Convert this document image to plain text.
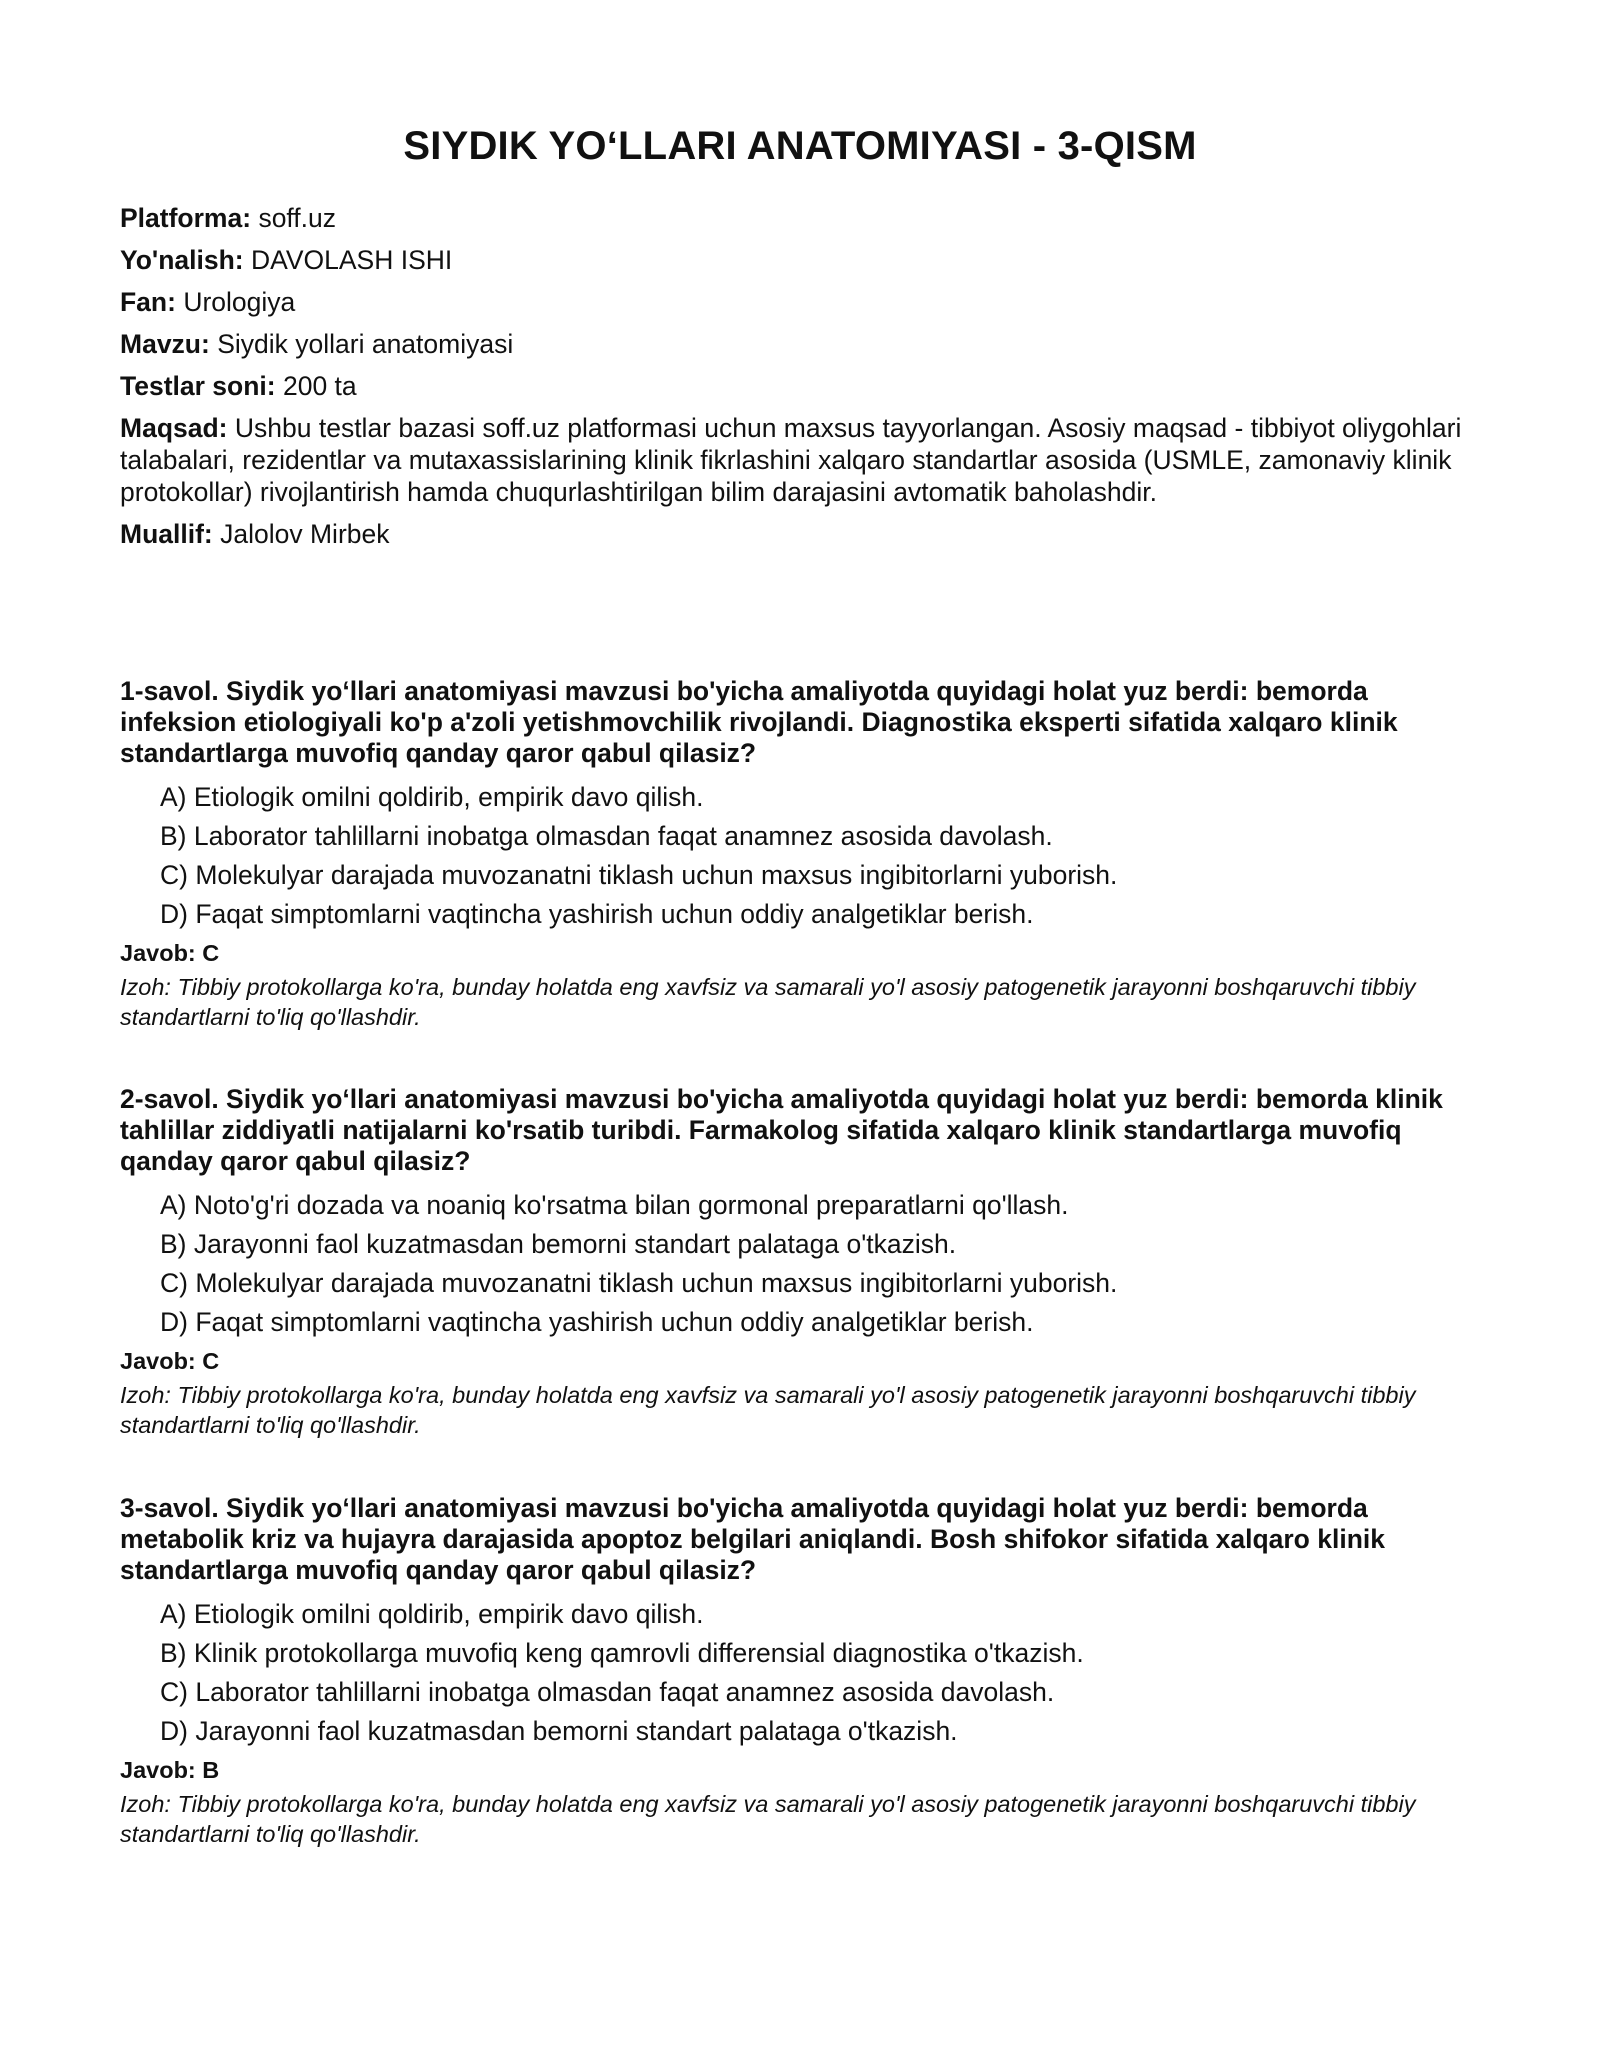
SIYDIK YO‘LLARI ANATOMIYASI - 3-QISM

Platforma: soff.uz

Yo'nalish: DAVOLASH ISHI

Fan: Urologiya

Mavzu: Siydik yollari anatomiyasi

Testlar soni: 200 ta

Maqsad: Ushbu testlar bazasi soff.uz platformasi uchun maxsus tayyorlangan. Asosiy maqsad - tibbiyot oliygohlari talabalari, rezidentlar va mutaxassislarining klinik fikrlashini xalqaro standartlar asosida (USMLE, zamonaviy klinik protokollar) rivojlantirish hamda chuqurlashtirilgan bilim darajasini avtomatik baholashdir.

Muallif: Jalolov Mirbek

1-savol. Siydik yo‘llari anatomiyasi mavzusi bo'yicha amaliyotda quyidagi holat yuz berdi: bemorda infeksion etiologiyali ko'p a'zoli yetishmovchilik rivojlandi. Diagnostika eksperti sifatida xalqaro klinik standartlarga muvofiq qanday qaror qabul qilasiz?

A) Etiologik omilni qoldirib, empirik davo qilish.
B) Laborator tahlillarni inobatga olmasdan faqat anamnez asosida davolash.
C) Molekulyar darajada muvozanatni tiklash uchun maxsus ingibitorlarni yuborish.
D) Faqat simptomlarni vaqtincha yashirish uchun oddiy analgetiklar berish.

Javob: C

Izoh: Tibbiy protokollarga ko'ra, bunday holatda eng xavfsiz va samarali yo'l asosiy patogenetik jarayonni boshqaruvchi tibbiy standartlarni to'liq qo'llashdir.

2-savol. Siydik yo‘llari anatomiyasi mavzusi bo'yicha amaliyotda quyidagi holat yuz berdi: bemorda klinik tahlillar ziddiyatli natijalarni ko'rsatib turibdi. Farmakolog sifatida xalqaro klinik standartlarga muvofiq qanday qaror qabul qilasiz?

A) Noto'g'ri dozada va noaniq ko'rsatma bilan gormonal preparatlarni qo'llash.
B) Jarayonni faol kuzatmasdan bemorni standart palataga o'tkazish.
C) Molekulyar darajada muvozanatni tiklash uchun maxsus ingibitorlarni yuborish.
D) Faqat simptomlarni vaqtincha yashirish uchun oddiy analgetiklar berish.

Javob: C

Izoh: Tibbiy protokollarga ko'ra, bunday holatda eng xavfsiz va samarali yo'l asosiy patogenetik jarayonni boshqaruvchi tibbiy standartlarni to'liq qo'llashdir.

3-savol. Siydik yo‘llari anatomiyasi mavzusi bo'yicha amaliyotda quyidagi holat yuz berdi: bemorda metabolik kriz va hujayra darajasida apoptoz belgilari aniqlandi. Bosh shifokor sifatida xalqaro klinik standartlarga muvofiq qanday qaror qabul qilasiz?

A) Etiologik omilni qoldirib, empirik davo qilish.
B) Klinik protokollarga muvofiq keng qamrovli differensial diagnostika o'tkazish.
C) Laborator tahlillarni inobatga olmasdan faqat anamnez asosida davolash.
D) Jarayonni faol kuzatmasdan bemorni standart palataga o'tkazish.

Javob: B

Izoh: Tibbiy protokollarga ko'ra, bunday holatda eng xavfsiz va samarali yo'l asosiy patogenetik jarayonni boshqaruvchi tibbiy standartlarni to'liq qo'llashdir.
